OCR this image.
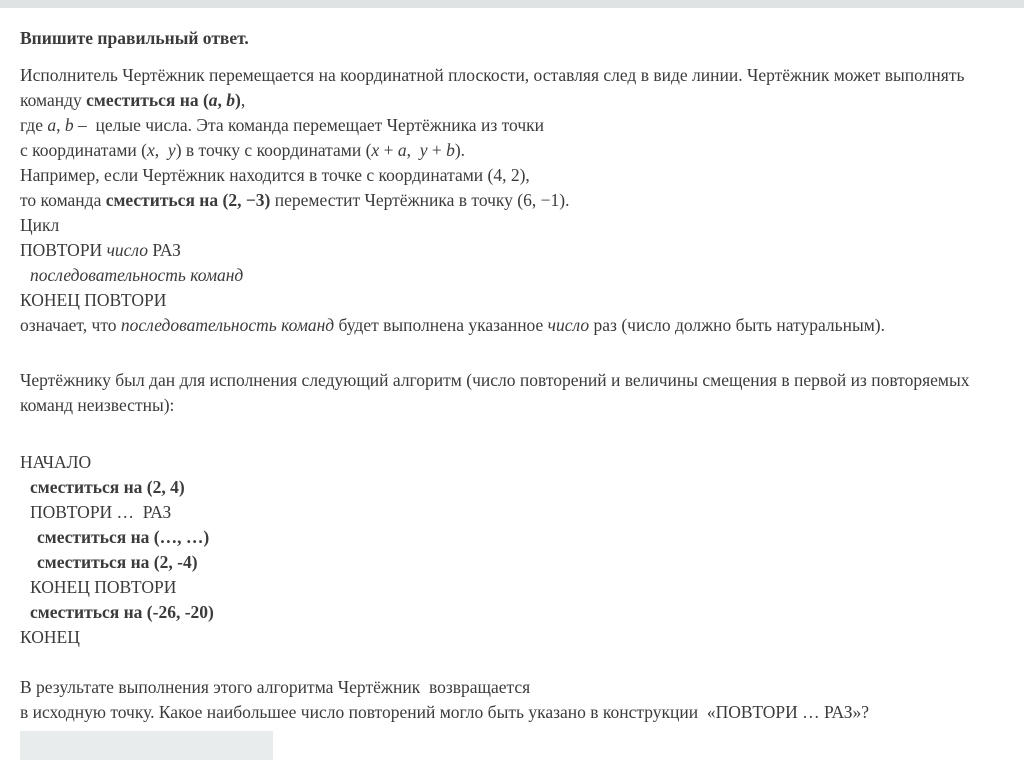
Впишите правильный ответ.
Исполнитель Чертёжник перемещается на координатной плоскости, оставляя след в виде линии. Чертёжник может выполнять
команду сместиться на (a, b),
где a, b –  целые числа. Эта команда перемещает Чертёжника из точки
с координатами (x,  y) в точку с координатами (x + a,  y + b).
Например, если Чертёжник находится в точке с координатами (4, 2),
то команда сместиться на (2, −3) переместит Чертёжника в точку (6, −1).
Цикл
ПОВТОРИ число РАЗ
последовательность команд
КОНЕЦ ПОВТОРИ
означает, что последовательность команд будет выполнена указанное число раз (число должно быть натуральным).
Чертёжнику был дан для исполнения следующий алгоритм (число повторений и величины смещения в первой из повторяемых
команд неизвестны):
НАЧАЛО
сместиться на (2, 4)
ПОВТОРИ …  РАЗ
сместиться на (…, …)
сместиться на (2, -4)
КОНЕЦ ПОВТОРИ
сместиться на (-26, -20)
КОНЕЦ
В результате выполнения этого алгоритма Чертёжник  возвращается
в исходную точку. Какое наибольшее число повторений могло быть указано в конструкции  «ПОВТОРИ … РАЗ»?
